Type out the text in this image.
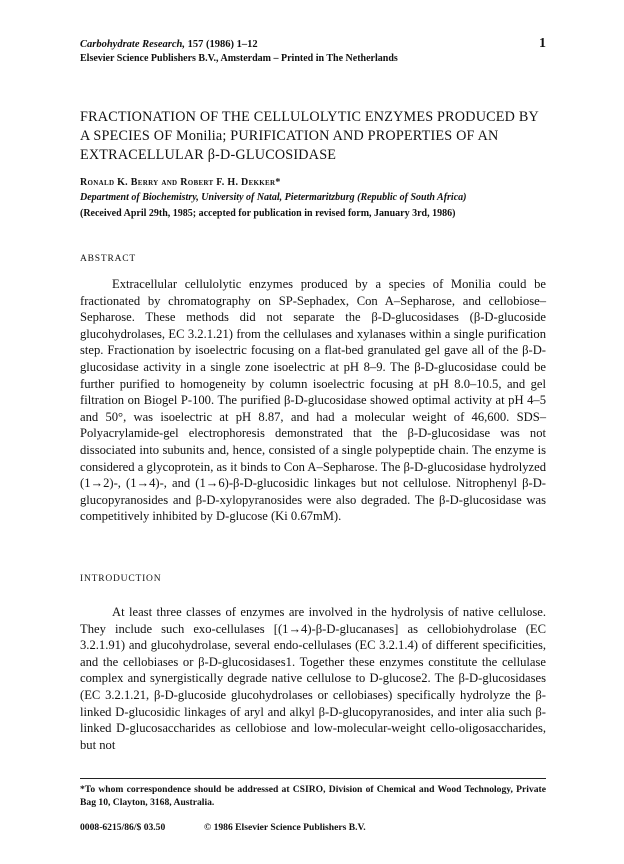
Carbohydrate Research, 157 (1986) 1–12
Elsevier Science Publishers B.V., Amsterdam – Printed in The Netherlands
1
FRACTIONATION OF THE CELLULOLYTIC ENZYMES PRODUCED BY A SPECIES OF Monilia; PURIFICATION AND PROPERTIES OF AN EXTRACELLULAR β-D-GLUCOSIDASE
Ronald K. Berry and Robert F. H. Dekker*
Department of Biochemistry, University of Natal, Pietermaritzburg (Republic of South Africa)
(Received April 29th, 1985; accepted for publication in revised form, January 3rd, 1986)
ABSTRACT

Extracellular cellulolytic enzymes produced by a species of Monilia could be fractionated by chromatography on SP-Sephadex, Con A–Sepharose, and cellobiose–Sepharose. These methods did not separate the β-D-glucosidases (β-D-glucoside glucohydrolases, EC 3.2.1.21) from the cellulases and xylanases within a single purification step. Fractionation by isoelectric focusing on a flat-bed granulated gel gave all of the β-D-glucosidase activity in a single zone isoelectric at pH 8–9. The β-D-glucosidase could be further purified to homogeneity by column isoelectric focusing at pH 8.0–10.5, and gel filtration on Biogel P-100. The purified β-D-glucosidase showed optimal activity at pH 4–5 and 50°, was isoelectric at pH 8.87, and had a molecular weight of 46,600. SDS–Polyacrylamide-gel electrophoresis demonstrated that the β-D-glucosidase was not dissociated into subunits and, hence, consisted of a single polypeptide chain. The enzyme is considered a glycoprotein, as it binds to Con A–Sepharose. The β-D-glucosidase hydrolyzed (1→2)-, (1→4)-, and (1→6)-β-D-glucosidic linkages but not cellulose. Nitrophenyl β-D-glucopyranosides and β-D-xylopyranosides were also degraded. The β-D-glucosidase was competitively inhibited by D-glucose (Ki 0.67mM).

INTRODUCTION

At least three classes of enzymes are involved in the hydrolysis of native cellulose. They include such exo-cellulases [(1→4)-β-D-glucanases] as cellobiohydrolase (EC 3.2.1.91) and glucohydrolase, several endo-cellulases (EC 3.2.1.4) of different specificities, and the cellobiases or β-D-glucosidases1. Together these enzymes constitute the cellulase complex and synergistically degrade native cellulose to D-glucose2. The β-D-glucosidases (EC 3.2.1.21, β-D-glucoside glucohydrolases or cellobiases) specifically hydrolyze the β-linked D-glucosidic linkages of aryl and alkyl β-D-glucopyranosides, and inter alia such β-linked D-glucosaccharides as cellobiose and low-molecular-weight cello-oligosaccharides, but not

*To whom correspondence should be addressed at CSIRO, Division of Chemical and Wood Technology, Private Bag 10, Clayton, 3168, Australia.
0008-6215/86/$ 03.50	© 1986 Elsevier Science Publishers B.V.
